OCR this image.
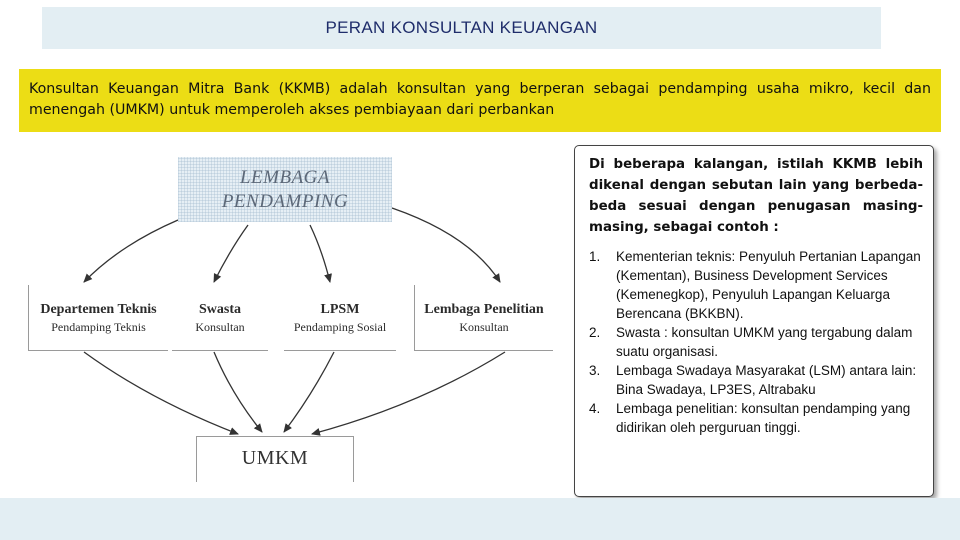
PERAN KONSULTAN KEUANGAN
Konsultan Keuangan Mitra Bank (KKMB) adalah konsultan yang berperan sebagai pendamping usaha mikro, kecil dan menengah (UMKM) untuk memperoleh akses pembiayaan dari perbankan
LEMBAGA
PENDAMPING
Departemen Teknis
Pendamping Teknis
Swasta
Konsultan
LPSM
Pendamping Sosial
Lembaga Penelitian
Konsultan
UMKM

Di beberapa kalangan, istilah KKMB lebih dikenal dengan sebutan lain yang berbeda-beda sesuai dengan penugasan masing-masing, sebagai contoh :

1.	Kementerian teknis: Penyuluh Pertanian Lapangan (Kementan), Business Development Services (Kemenegkop), Penyuluh Lapangan Keluarga Berencana (BKKBN).
2.	Swasta : konsultan UMKM yang tergabung dalam suatu organisasi.
3.	Lembaga Swadaya Masyarakat (LSM) antara lain: Bina Swadaya, LP3ES, Altrabaku
4.	Lembaga penelitian: konsultan pendamping yang didirikan oleh perguruan tinggi.
